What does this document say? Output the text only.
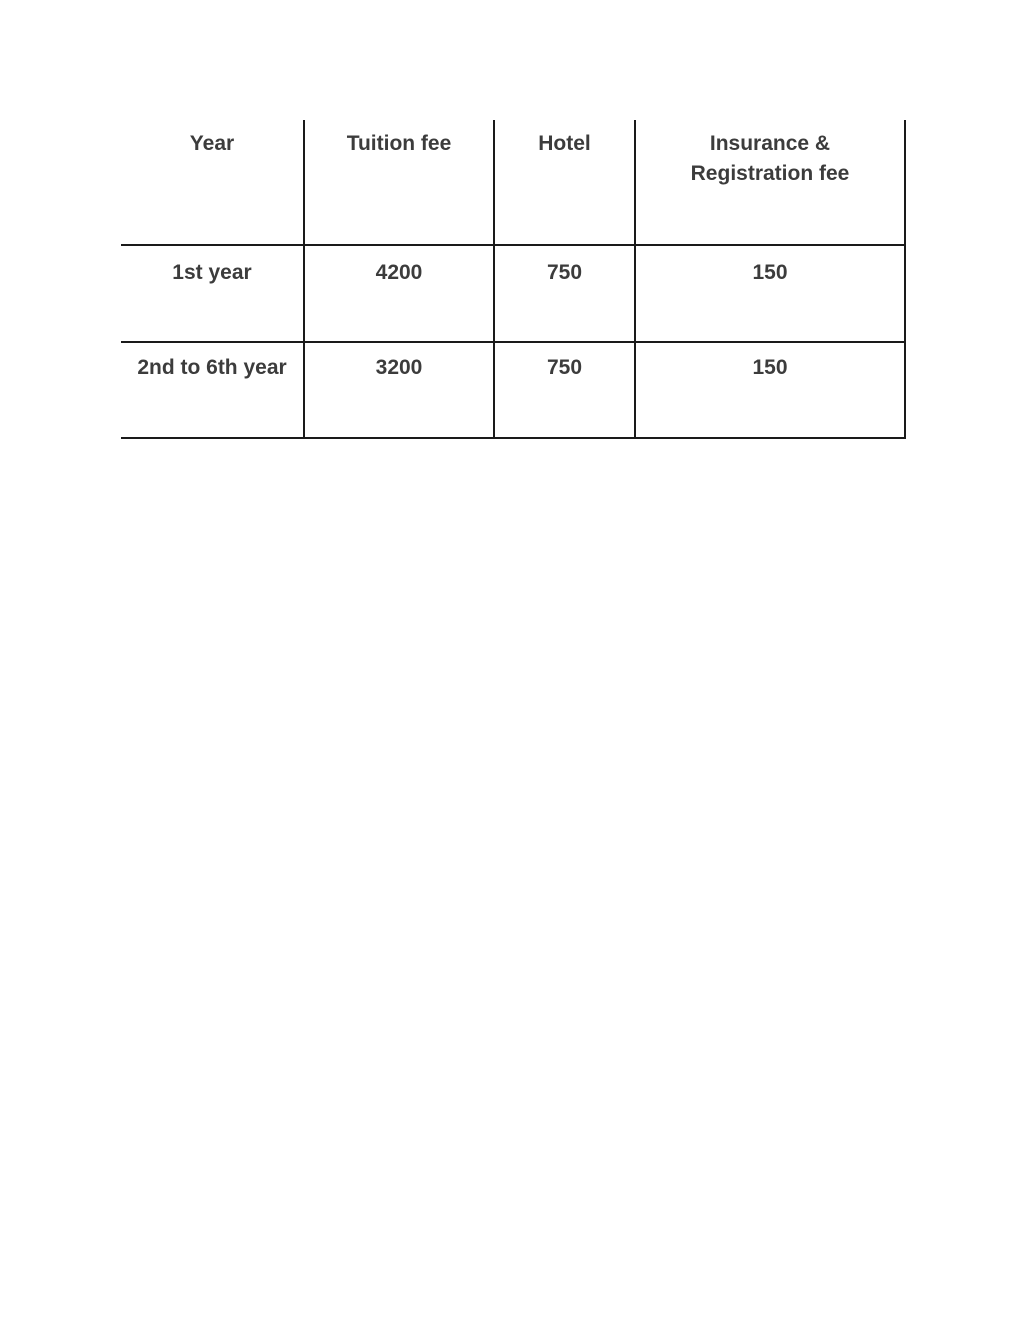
Year	Tuition fee	Hotel	Insurance & Registration fee
1st year	4200	750	150
2nd to 6th year	3200	750	150
